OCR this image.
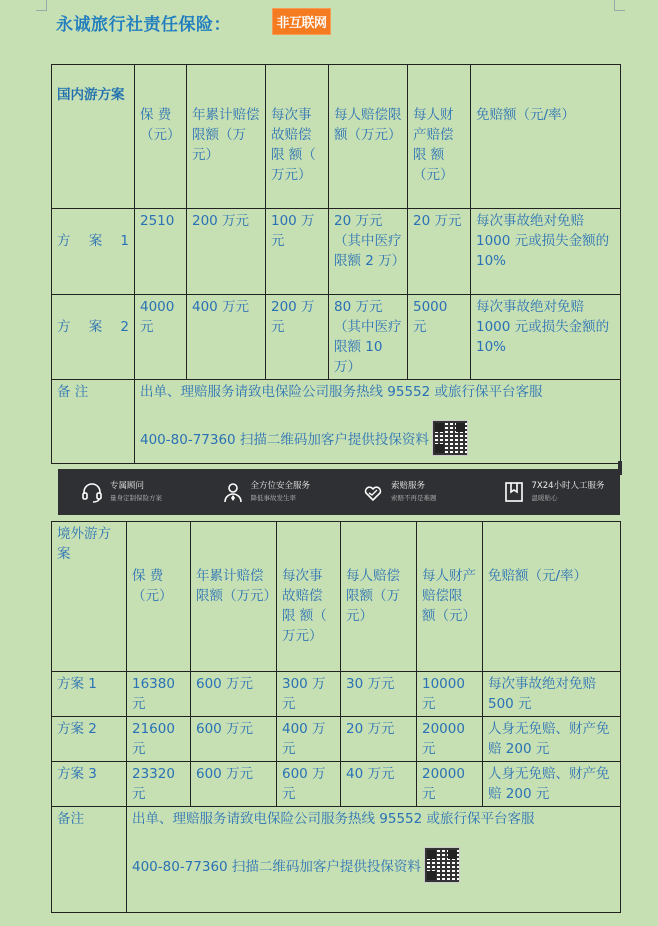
永诚旅行社责任保险：	非互联网
国内游方案	保 费（元）	年累计赔偿限额（万元）	每次事故赔偿限 额（ 万元）	每人赔偿限额（万元）	每人财产赔偿限 额（元）	免赔额（元/率）
方 案 1	2510	200 万元	100 万元	20 万元（其中医疗限额 2 万）	20 万元	每次事故绝对免赔 1000 元或损失金额的 10%
方 案 2	4000 元	400 万元	200 万元	80 万元（其中医疗限额 10 万）	5000 元	每次事故绝对免赔 1000 元或损失金额的 10%
备 注	出单、理赔服务请致电保险公司服务热线 95552 或旅行保平台客服
400-80-77360 扫描二维码加客户提供投保资料					
专属顾问
量身定制保险方案
全方位安全服务
降低事故发生率
索赔服务
索赔不再是难题
7X24小时人工服务
温暖贴心
境外游方案	保 费（元）	年累计赔偿限额（万元）	每次事故赔偿限 额（ 万元）	每人赔偿限额（万元）	每人财产赔偿限 额（元）	免赔额（元/率）
方案 1	16380 元	600 万元	300 万元	30 万元	10000 元	每次事故绝对免赔 500 元
方案 2	21600 元	600 万元	400 万元	20 万元	20000 元	人身无免赔、财产免赔 200 元
方案 3	23320 元	600 万元	600 万元	40 万元	20000 元	人身无免赔、财产免赔 200 元
备注	出单、理赔服务请致电保险公司服务热线 95552 或旅行保平台客服
400-80-77360 扫描二维码加客户提供投保资料					
